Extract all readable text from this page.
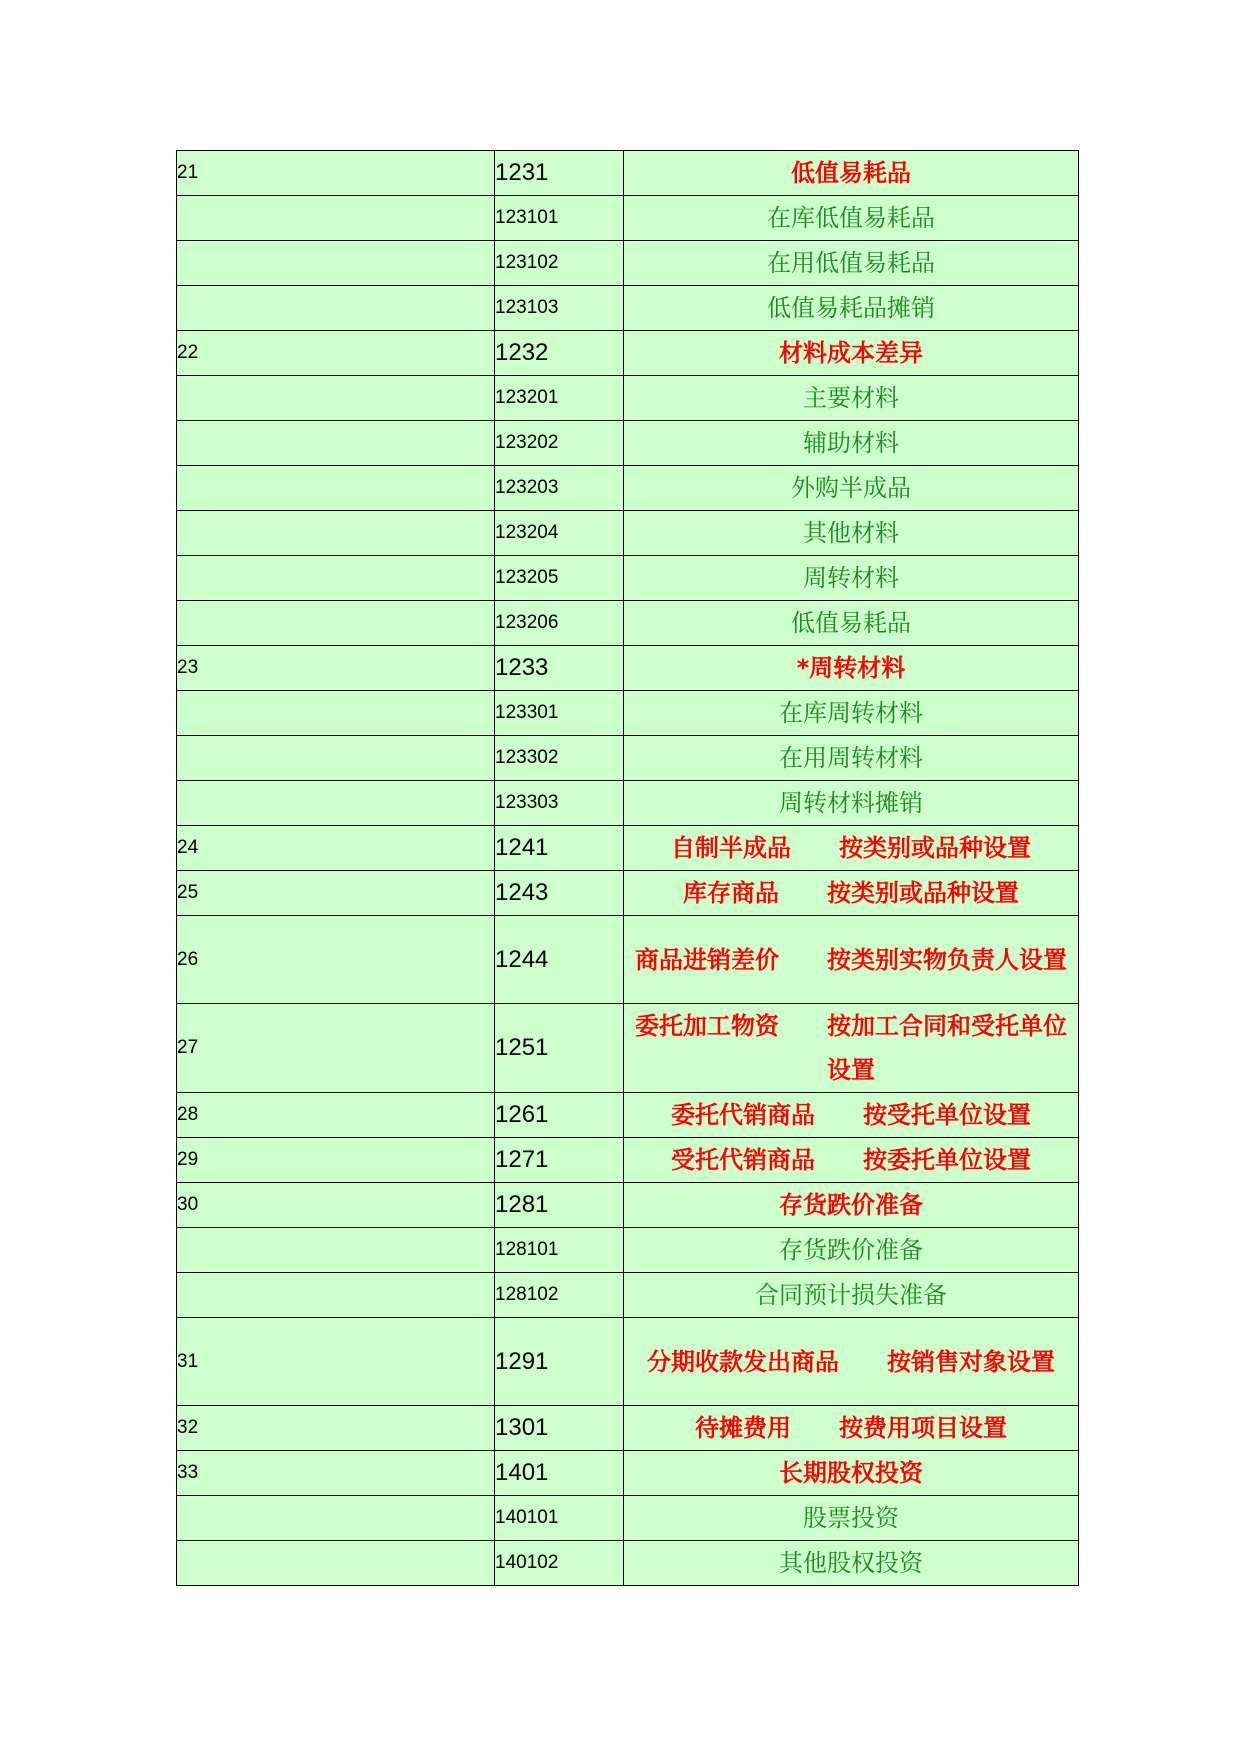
21	1231	低值易耗品
	123101	在库低值易耗品
	123102	在用低值易耗品
	123103	低值易耗品摊销
22	1232	材料成本差异
	123201	主要材料
	123202	辅助材料
	123203	外购半成品
	123204	其他材料
	123205	周转材料
	123206	低值易耗品
23	1233	*周转材料
	123301	在库周转材料
	123302	在用周转材料
	123303	周转材料摊销
24	1241	自制半成品 按类别或品种设置
25	1243	库存商品 按类别或品种设置
26	1244	商品进销差价 按类别实物负责人设置
27	1251	委托加工物资 按加工合同和受托单位设置
28	1261	委托代销商品 按受托单位设置
29	1271	受托代销商品 按委托单位设置
30	1281	存货跌价准备
	128101	存货跌价准备
	128102	合同预计损失准备
31	1291	分期收款发出商品 按销售对象设置
32	1301	待摊费用 按费用项目设置
33	1401	长期股权投资
	140101	股票投资
	140102	其他股权投资
